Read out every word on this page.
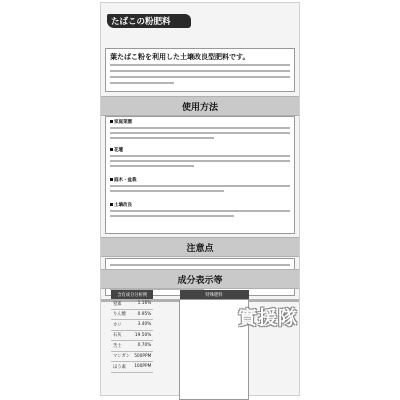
たばこの粉肥料
葉たばこ粉を利用した土壌改良型肥料です。
使用方法
家庭菜園
花壇
庭木・盆栽
土壌改良
注意点
成分表示等
含有成分分析例	
窒素	1.16%
りん酸	0.95%
カリ	3.40%
石灰	19.50%
苦土	0.70%
マンガン	500PPM
ほう素	100PPM
特殊肥料

實援隊
